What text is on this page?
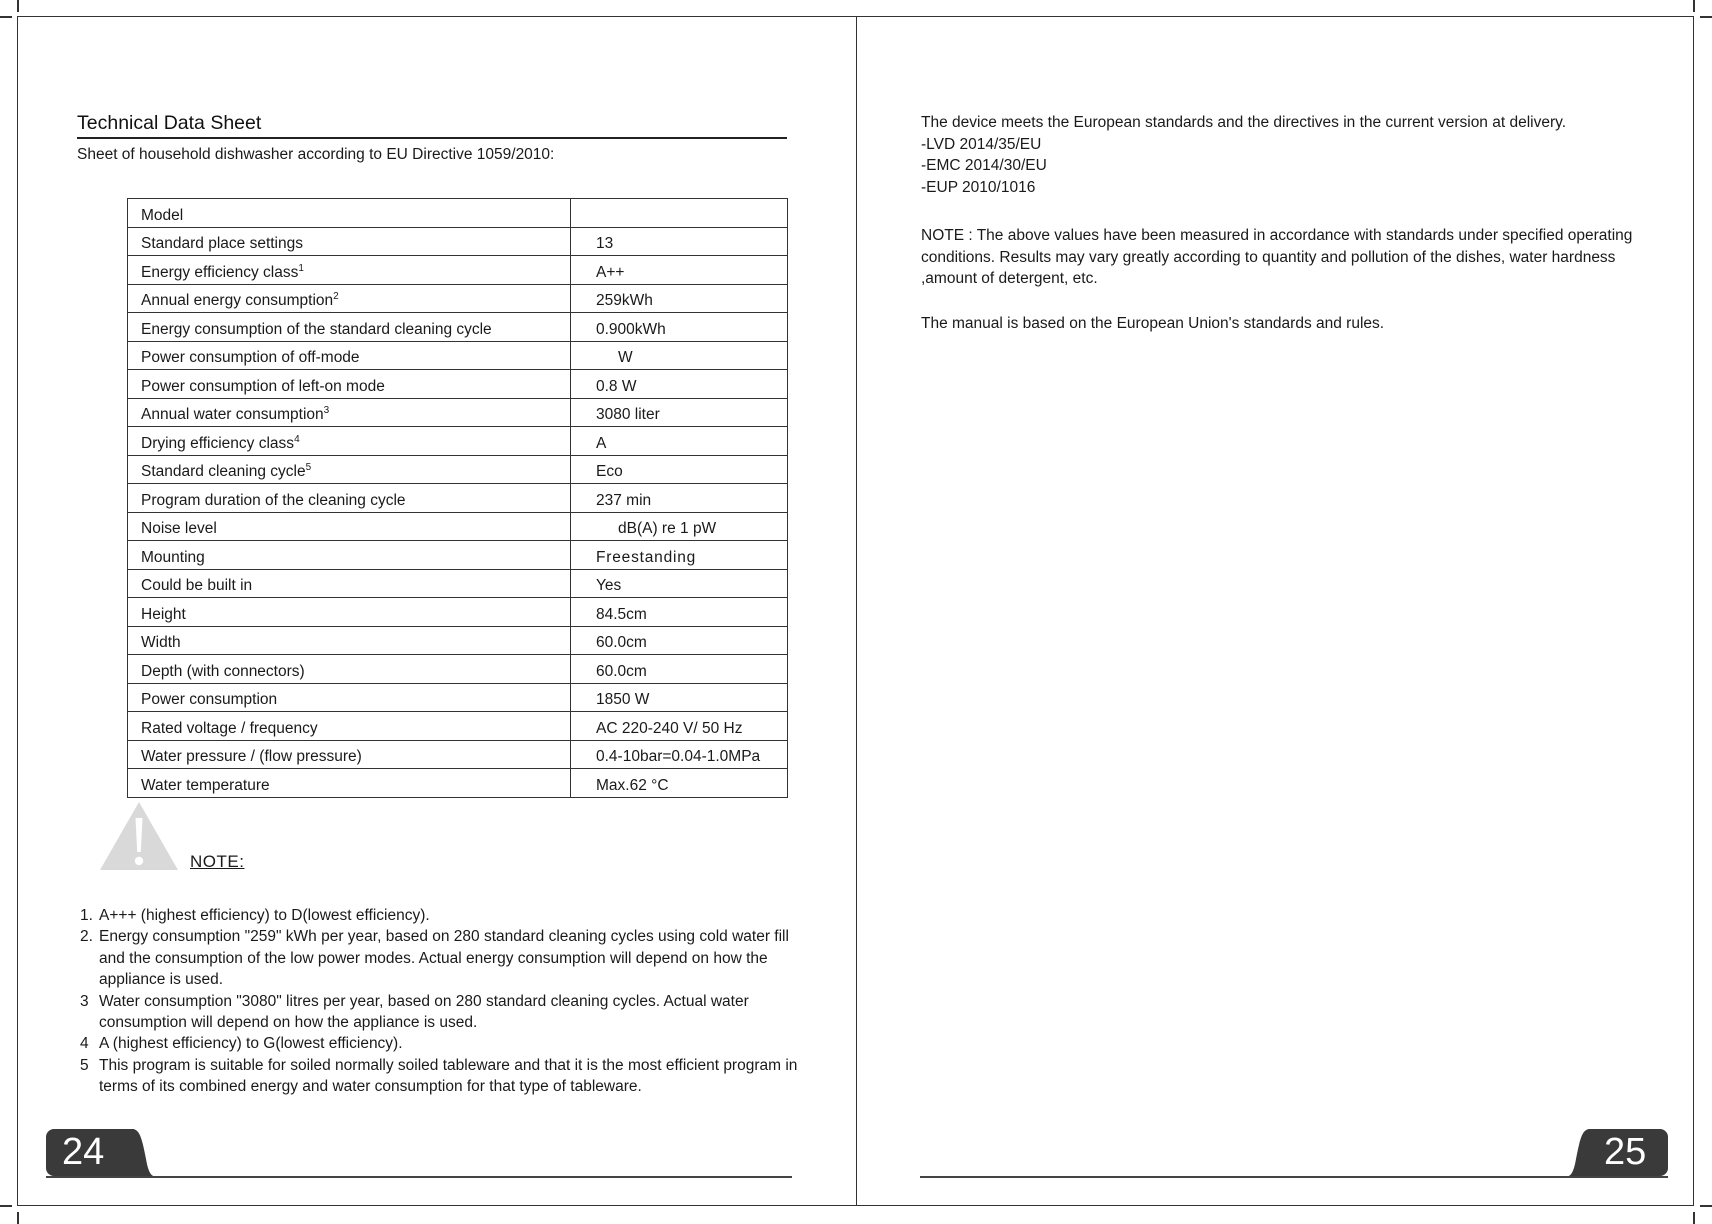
Technical Data Sheet
Sheet of household dishwasher according to EU Directive 1059/2010:
Model	
Standard place settings	13
Energy efficiency class$^1$	A++
Annual energy consumption$^2$	259kWh
Energy consumption of the standard cleaning cycle	0.900kWh
Power consumption of off-mode	W
Power consumption of left-on mode	0.8 W
Annual water consumption$^3$	3080 liter
Drying efficiency class$^4$	A
Standard cleaning cycle$^5$	Eco
Program duration of the cleaning cycle	237 min
Noise level	dB(A) re 1 pW
Mounting	Freestanding
Could be built in	Yes
Height	84.5cm
Width	60.0cm
Depth (with connectors)	60.0cm
Power consumption	1850 W
Rated voltage / frequency	AC 220-240 V/ 50 Hz
Water pressure / (flow pressure)	0.4-10bar=0.04-1.0MPa
Water temperature	Max.62 °C
NOTE:
1. A+++ (highest efficiency) to D(lowest efficiency).
2. Energy consumption "259" kWh per year, based on 280 standard cleaning cycles using cold water fill and the consumption of the low power modes. Actual energy consumption will depend on how the appliance is used.
3 Water consumption "3080" litres per year, based on 280 standard cleaning cycles. Actual water consumption will depend on how the appliance is used.
4 A (highest efficiency) to G(lowest efficiency).
5 This program is suitable for soiled normally soiled tableware and that it is the most efficient program in terms of its combined energy and water consumption for that type of tableware.
24
The device meets the European standards and the directives in the current version at delivery.
-LVD 2014/35/EU
-EMC 2014/30/EU
-EUP 2010/1016
NOTE : The above values have been measured in accordance with standards under specified operating conditions. Results may vary greatly according to quantity and pollution of the dishes, water hardness ,amount of detergent, etc.
The manual is based on the European Union's standards and rules.
25
